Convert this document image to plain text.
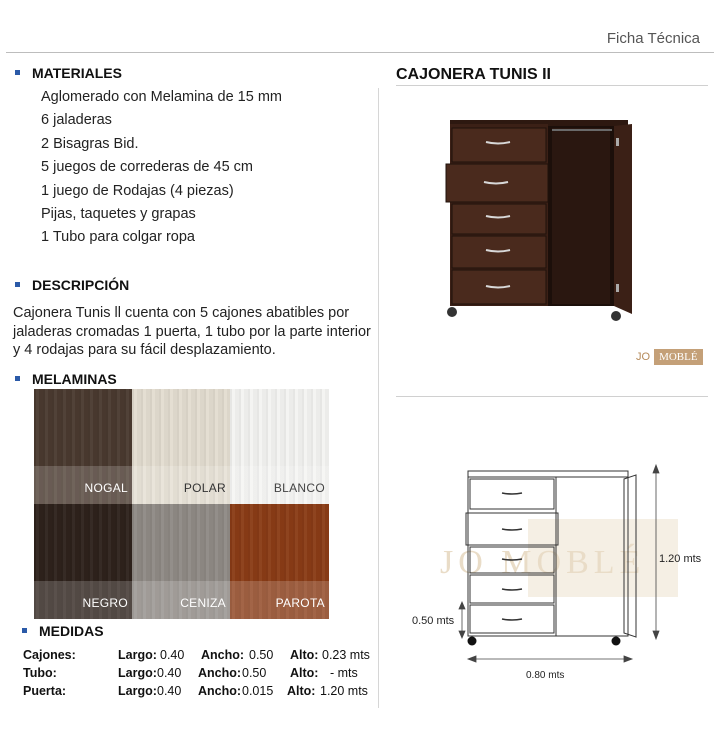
Ficha Técnica
MATERIALES
Aglomerado con Melamina de 15 mm
6 jaladeras
2 Bisagras Bid.
5 juegos de correderas de 45 cm
1 juego de Rodajas (4 piezas)
Pijas, taquetes y grapas
1 Tubo para colgar ropa
DESCRIPCIÓN
Cajonera Tunis ll cuenta con 5 cajones abatibles por jaladeras cromadas 1 puerta, 1 tubo por la parte interior y 4 rodajas para su fácil desplazamiento.
MELAMINAS
NOGAL	POLAR	BLANCO
NEGRO	CENIZA	PAROTA
MEDIDAS
Cajones:	Largo: 0.40 Ancho: 0.50 Alto: 0.23 mts
Tubo:	Largo: 0.40 Ancho: 0.50 Alto: - mts
Puerta:	Largo: 0.40 Ancho: 0.015 Alto: 1.20 mts
CAJONERA TUNIS II
JO MOBLÉ
JO MOBLÉ 1.20 mts
0.50 mts
0.80 mts
